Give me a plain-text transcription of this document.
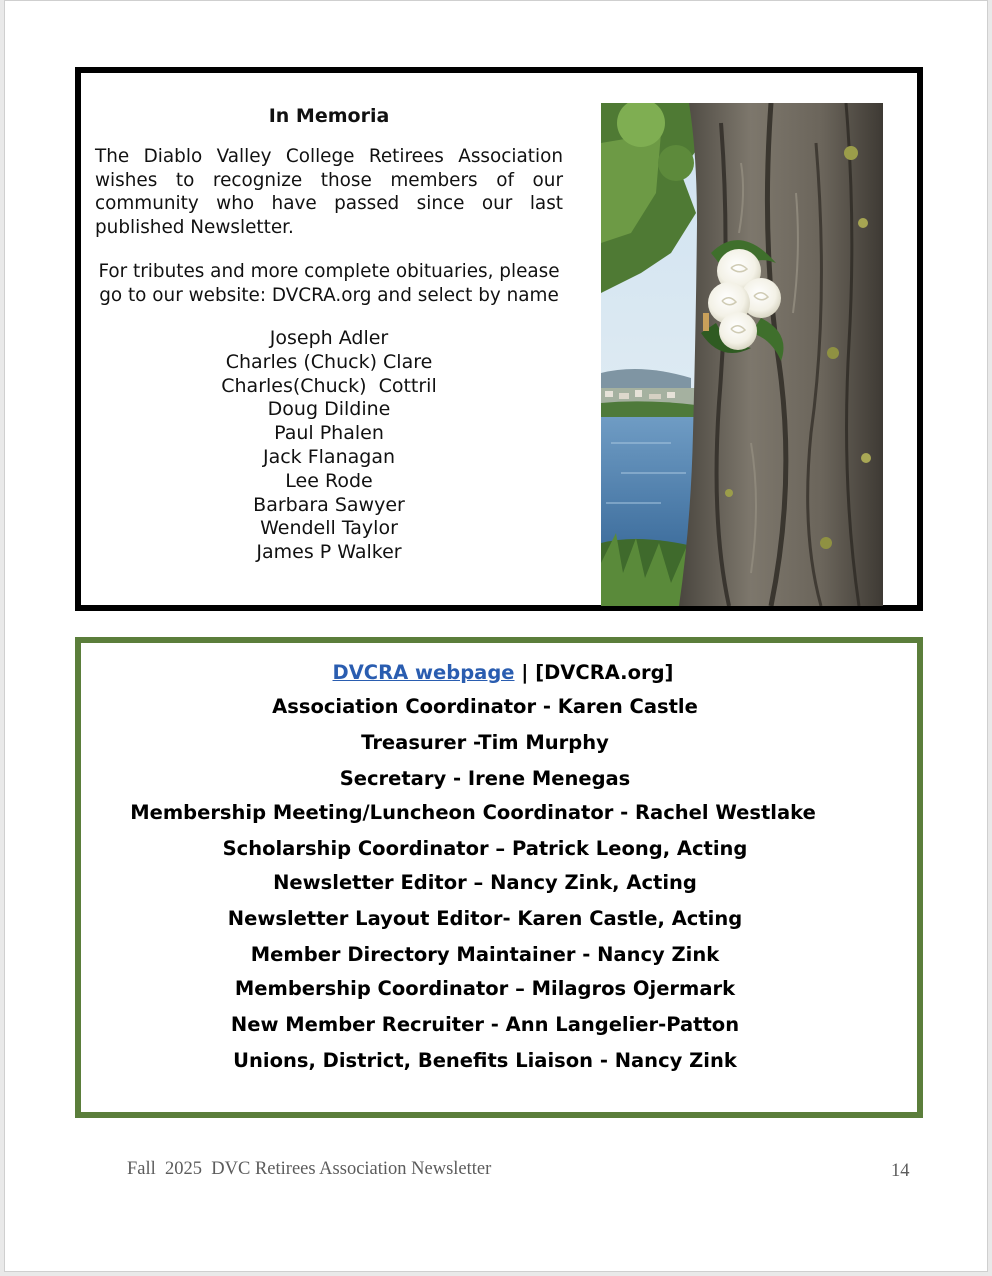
In Memoria

The Diablo Valley College Retirees Association wishes to recognize those members of our community who have passed since our last published Newsletter.

For tributes and more complete obituaries, please go to our website: DVCRA.org and select by name

Joseph Adler
Charles (Chuck) Clare
Charles(Chuck)  Cottril
Doug Dildine
Paul Phalen
Jack Flanagan
Lee Rode
Barbara Sawyer
Wendell Taylor
James P Walker
DVCRA webpage | [DVCRA.org]
Association Coordinator - Karen Castle
Treasurer -Tim Murphy
Secretary - Irene Menegas
Membership Meeting/Luncheon Coordinator - Rachel Westlake
Scholarship Coordinator – Patrick Leong, Acting
Newsletter Editor – Nancy Zink, Acting
Newsletter Layout Editor- Karen Castle, Acting
Member Directory Maintainer - Nancy Zink
Membership Coordinator – Milagros Ojermark
New Member Recruiter - Ann Langelier-Patton
Unions, District, Benefits Liaison - Nancy Zink
Fall  2025  DVC Retirees Association Newsletter	14
